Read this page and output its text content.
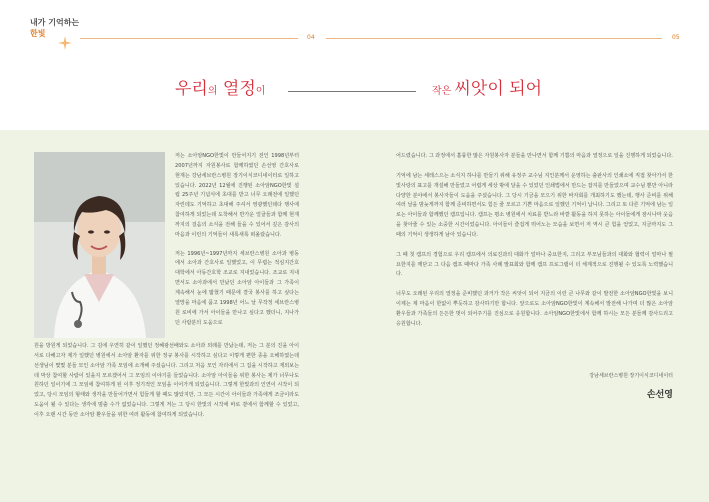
내가 기억하는
한빛	04	05
우리의 열정이	작은 씨앗이 되어

저는 소아암NGO한빛이 만들어지기 전인 1998년부터 2007년까지 자원봉사로 함께하였던 손선영 간호사로 현재는 강남세브란스병원 장기이식코디네이터로 일하고 있습니다. 2022년 12월에 진행된 소아암NGO한빛 설립 25주년 기념식에 초대를 받고 너무 오래전에 일했던 자린데도 기억하고 초대해 주셔서 영광했던데다 행사에 참여하게 되었는데 도착해서 반가운 얼굴들과 함께 현재까지의 걸음의 소식을 전해 들을 수 있어서 깊은 감사의 마음과 이런의 기억들이 새록새록 떠올랐습니다.

저는 1996년~1997년까지 세브란스병원 소아과 병동에서 소아과 간호사로 일했었고, 이 무렵는 적심지간호대학에서 아동간호학 조교로 지내었습니다. 조교로 지내면서도 소아과에서 만났던 소아암 아이들과 그 가족이 계속해서 눈에 밟혔기 때문에 결국 봉사를 하고 싶다는 열망을 마음에 품고 1998년 어느 날 무작정 세브란스병원 로비에 가서 아이들을 만나고 싶다고 했더니, 지나가던 사람분의 도움으로

원을 방원게 되었습니다. 그 김에 우연히 같이 일했던 정혜광선배와도 소아과 외래를 만났는데, 저는 그 분의 진을 아이 서로 다해고자 제가 일했던 병원에서 소아암 환자를 위한 정규 봉사를 시작하고 싶다고 이렇게 편한 종을 오해하였는데 선생님이 몇몇 분들 모인 소아암 가족 모임에 소개해 주셨습니다. 그리고 처음 모인 자리에서 그 집을 시작하고 재외보는 데 막상 참여할 사람이 있을지 모르겠어서 그 모임의 이야기를 들었습니다. 소아암 아이들을 위한 봉사는 제가 너무나도 원하던 일이기에 그 모임에 참여하게 된 이후 정기적인 모임을 이어가게 되었습니다. 그렇게 한빛과의 인연이 시작이 되었고, 당시 모임의 형태와 생각을 만들어가면서 힘들게 할 때도 많았지만, 그 모든 시간이 아이들과 가족에게 조금이라도 도움이 될 수 있다는 생각에 멈출 수가 없었습니다. 그렇게 저는 그 당시 한빛의 시작에 바로 곁에서 함께할 수 있었고, 이후 오랜 시간 동안 소아암 환우들을 위한 여러 활동에 참여하게 되었습니다.

어드렸습니다. 그 과정에서 훌륭한 많은 자원봉사자 분들을 만나면서 함께 기쁨의 마음과 열정으로 일을 진행하게 되었습니다.

기억에 남는 세레스으는 소식지 하나를 만들기 위해 유정주 교수님 지인분께서 운영하는 출판사의 인쇄소에 직접 찾아가서 한빛사랑의 표고를 개설해 만들었고 어렵게 세상 밖에 달을 수 있었던 인쇄법에서 만드는 잡지를 만들었으며 교수님 뿐만 아니라 다양한 분야에서 봉사자들이 도움을 주셨습니다. 그 당시 기금을 모으기 위한 바자회를 개최하기도 했는데, 행사 준비를 위해 여러 날을 밤늦게까지 함께 준비하면서도 힘든 줄 모르고 기쁜 마음으로 일했던 기억이 납니다. 그리고 또 다른 기억에 남는 일로는 아이들과 함께했던 캠프입니다. 캠프는 평소 병원에서 치료를 받느라 바깥 활동을 하지 못하는 아이들에게 잠시나마 웃음을 찾아줄 수 있는 소중한 시간이었습니다. 아이들이 즐겁게 뛰어노는 모습을 보면서 저 역시 큰 힘을 얻었고, 지금까지도 그 때의 기억이 생생하게 남아 있습니다.

그 때 첫 캠프의 경험으로 우리 캠프에서 의료진과의 대화가 얼마나 중요한지, 그리고 부모님들과의 대화와 협력이 얼마나 필요한지를 깨닫고 그 다음 캠프 때마다 가족 사례 발표회와 함께 캠프 프로그램이 더 체계적으로 진행될 수 있도록 노력했습니다.

너무도 오래된 우리의 열정을 준비했던 과거가 작은 씨앗이 되어 지금의 이런 큰 나무와 같이 발전한 소아암NGO한빛을 보니 이제는 제 마음이 한없이 뿌듯하고 감사하기만 합니다. 앞으로도 소아암NGO한빛이 계속해서 발전해 나가며 더 많은 소아암 환우들과 가족들의 든든한 벗이 되어주기를 진심으로 응원합니다. 소아암NGO한빛에서 함께 하시는 모든 분들께 감사드리고 응원합니다.

강남세브란스병원 장기이식코디네이터
손선영
